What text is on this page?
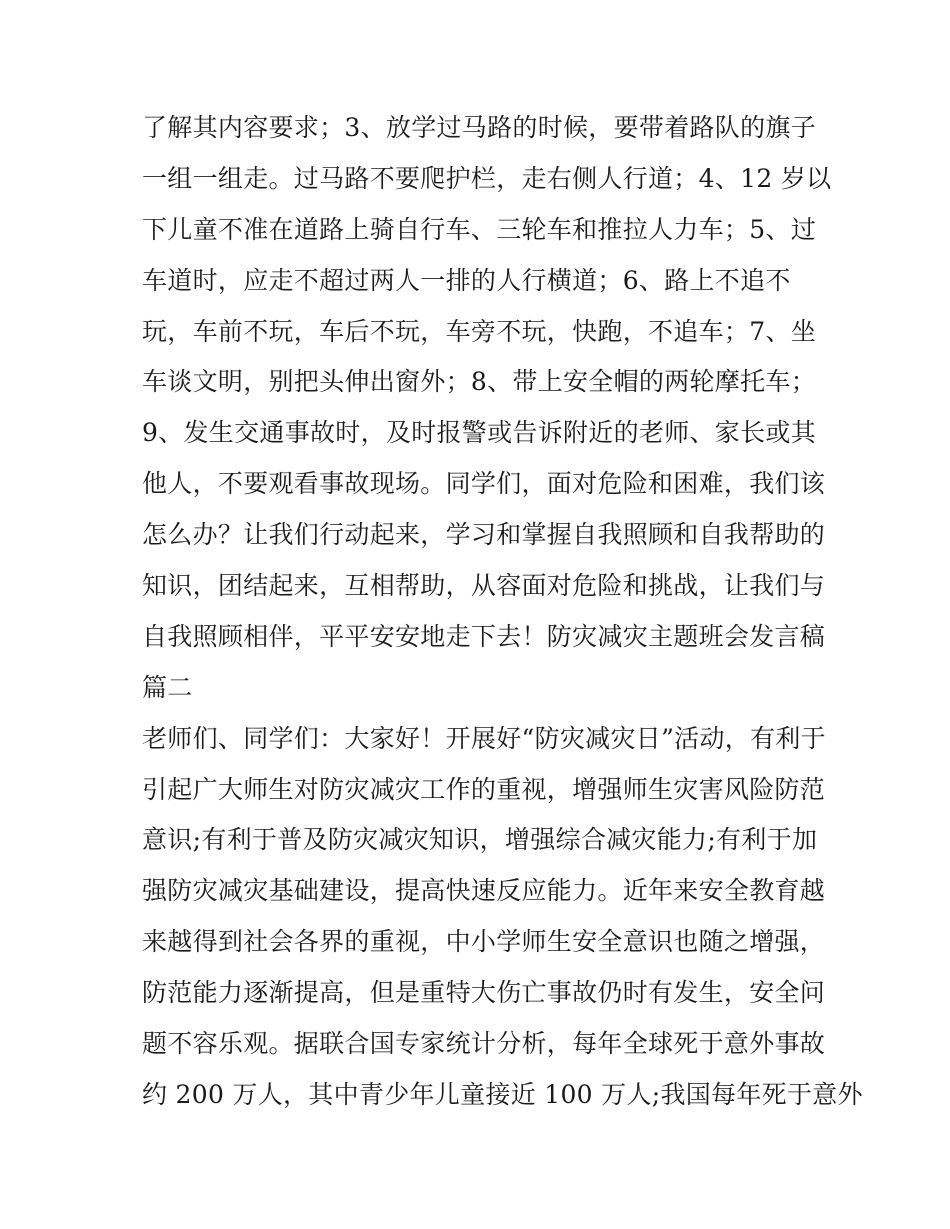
了解其内容要求；3、放学过马路的时候，要带着路队的旗子
一组一组走。过马路不要爬护栏，走右侧人行道；4、12 岁以
下儿童不准在道路上骑自行车、三轮车和推拉人力车；5、过
车道时，应走不超过两人一排的人行横道；6、路上不追不
玩，车前不玩，车后不玩，车旁不玩，快跑，不追车；7、坐
车谈文明，别把头伸出窗外；8、带上安全帽的两轮摩托车；
9、发生交通事故时，及时报警或告诉附近的老师、家长或其
他人，不要观看事故现场。同学们，面对危险和困难，我们该
怎么办？让我们行动起来，学习和掌握自我照顾和自我帮助的
知识，团结起来，互相帮助，从容面对危险和挑战，让我们与
自我照顾相伴，平平安安地走下去！防灾减灾主题班会发言稿
篇二
老师们、同学们：大家好！开展好“防灾减灾日”活动，有利于
引起广大师生对防灾减灾工作的重视，增强师生灾害风险防范
意识;有利于普及防灾减灾知识，增强综合减灾能力;有利于加
强防灾减灾基础建设，提高快速反应能力。近年来安全教育越
来越得到社会各界的重视，中小学师生安全意识也随之增强，
防范能力逐渐提高，但是重特大伤亡事故仍时有发生，安全问
题不容乐观。据联合国专家统计分析，每年全球死于意外事故
约 200 万人，其中青少年儿童接近 100 万人;我国每年死于意外
